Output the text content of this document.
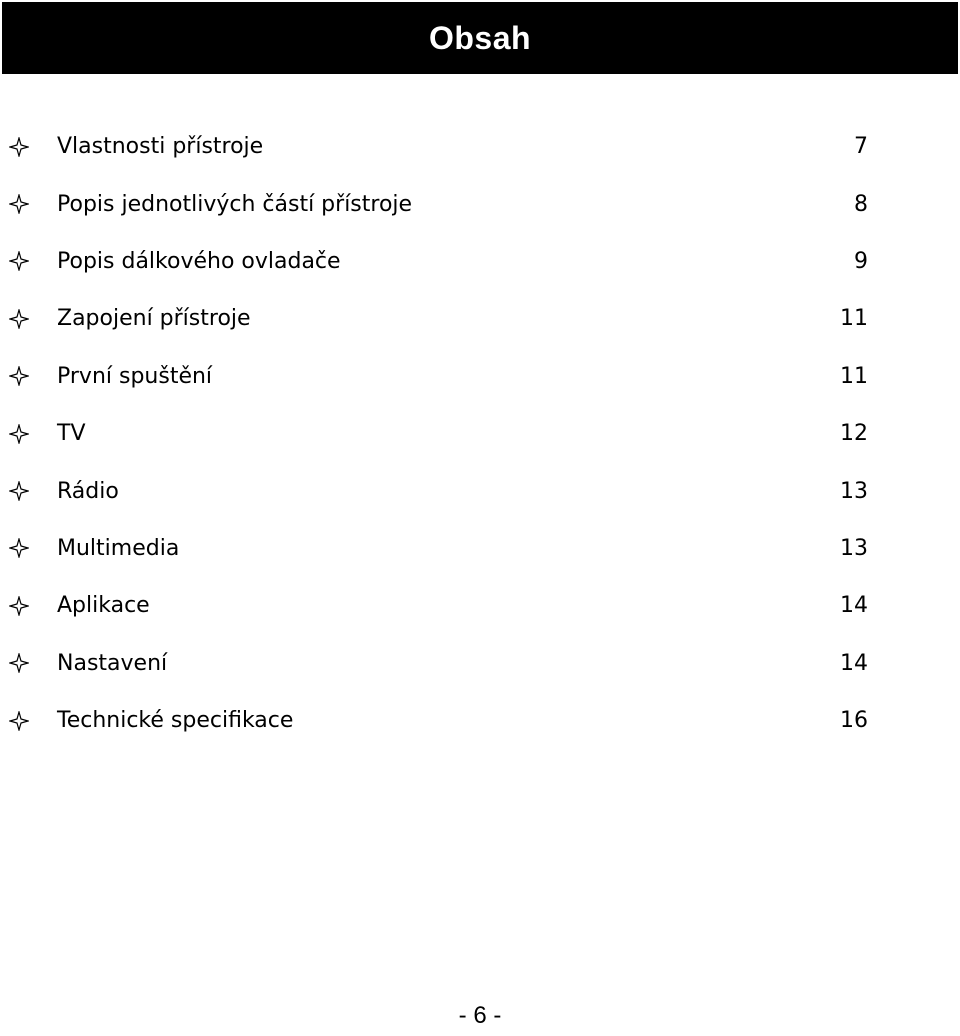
Obsah
Vlastnosti přístroje	7
Popis jednotlivých částí přístroje	8
Popis dálkového ovladače	9
Zapojení přístroje	11
První spuštění	11
TV	12
Rádio	13
Multimedia	13
Aplikace	14
Nastavení	14
Technické specifikace	16
- 6 -
